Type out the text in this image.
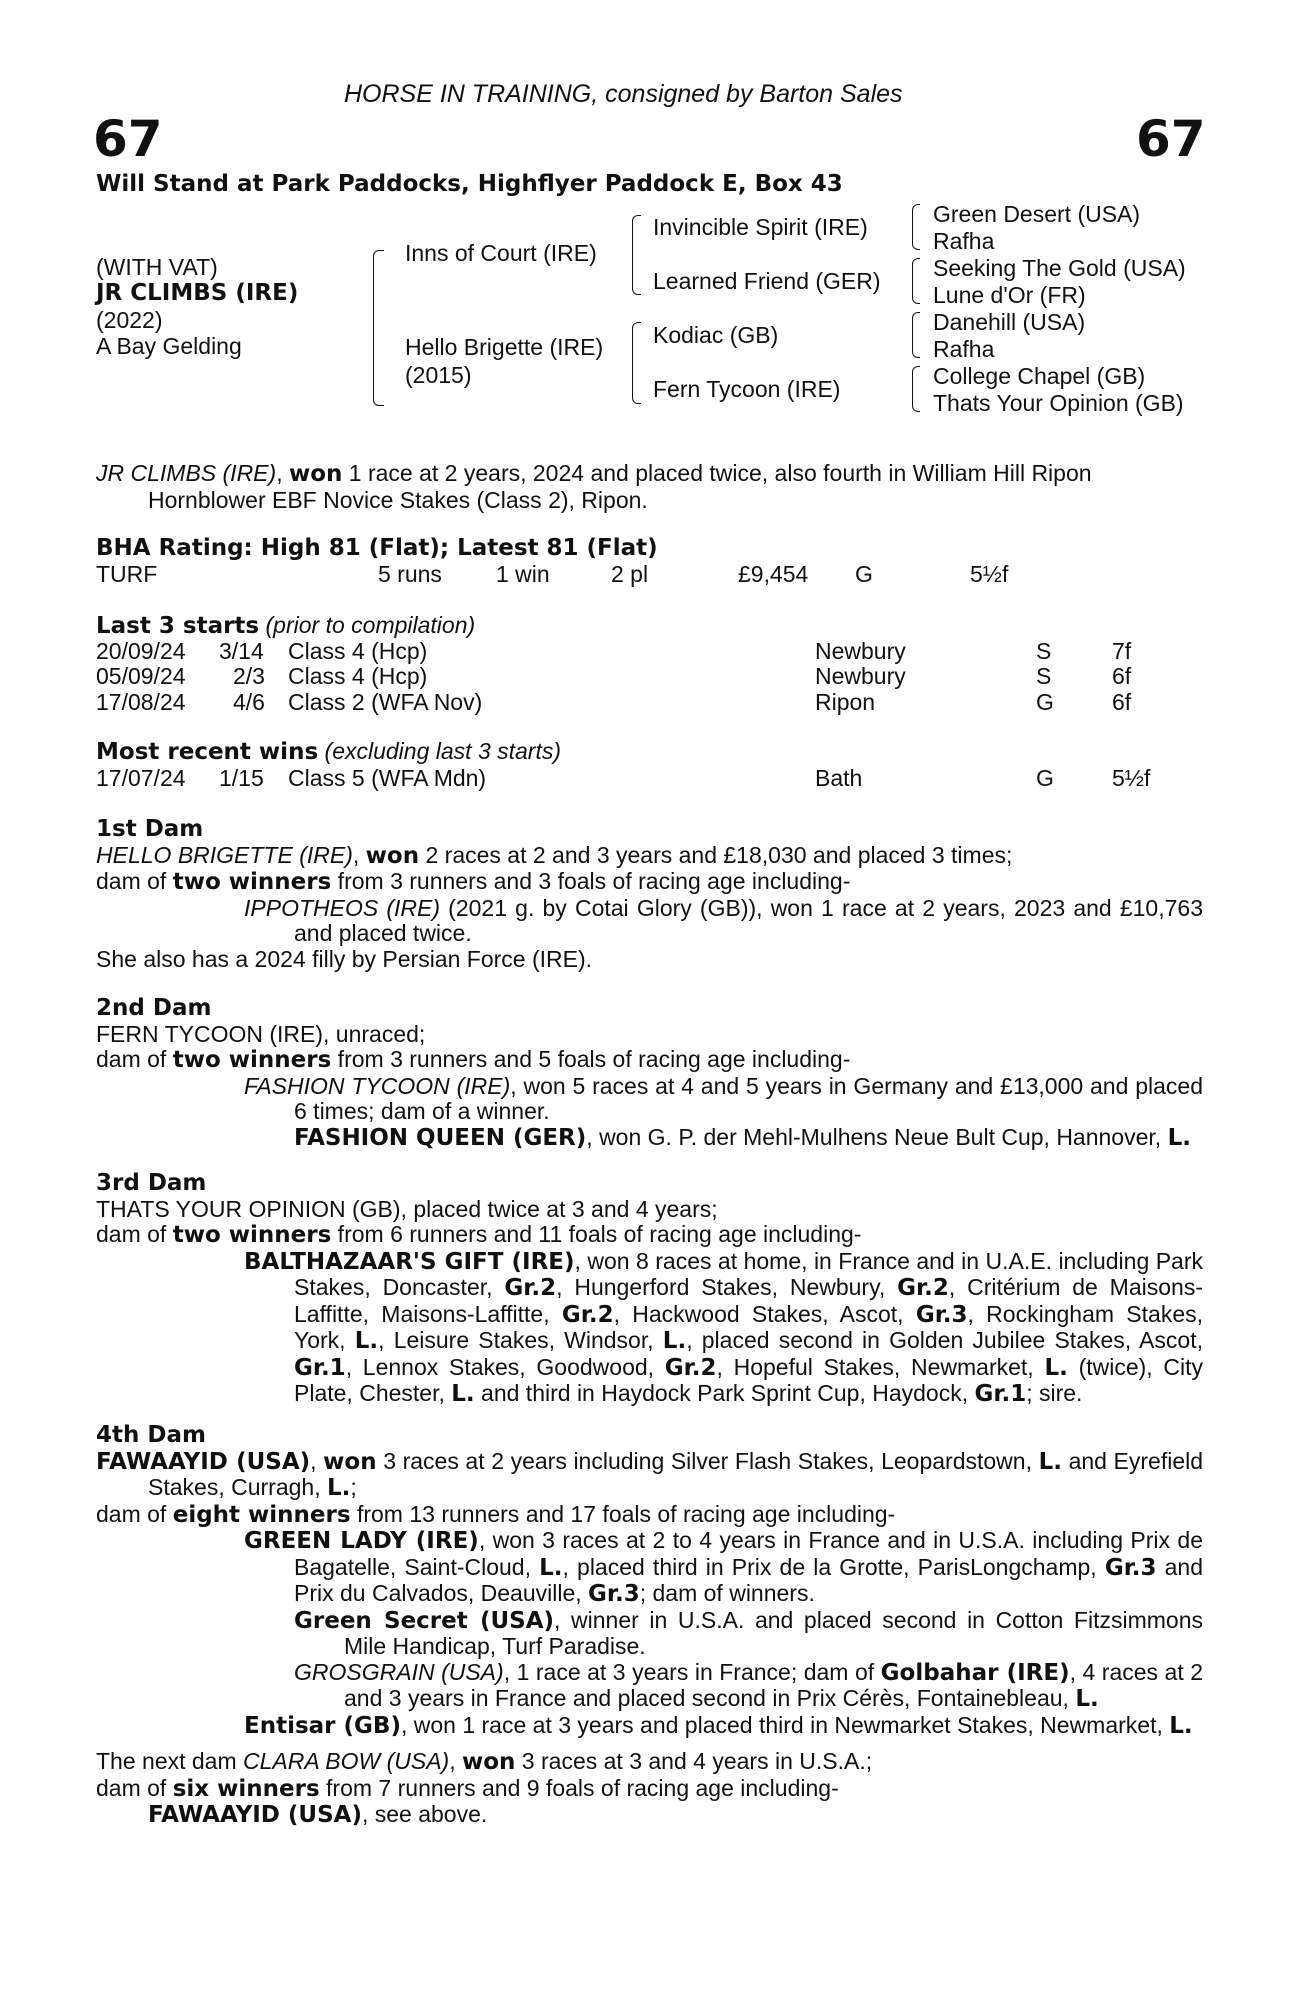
HORSE IN TRAINING, consigned by Barton Sales
67	67
Will Stand at Park Paddocks, Highflyer Paddock E, Box 43
(WITH VAT)
JR CLIMBS (IRE)
(2022)
A Bay Gelding
Inns of Court (IRE)
Hello Brigette (IRE)
(2015)
Invincible Spirit (IRE)
Learned Friend (GER)
Kodiac (GB)
Fern Tycoon (IRE)
Green Desert (USA)
Rafha
Seeking The Gold (USA)
Lune d'Or (FR)
Danehill (USA)
Rafha
College Chapel (GB)
Thats Your Opinion (GB)

JR CLIMBS (IRE), won 1 race at 2 years, 2024 and placed twice, also fourth in William Hill Ripon

Hornblower EBF Novice Stakes (Class 2), Ripon.

BHA Rating: High 81 (Flat); Latest 81 (Flat)
TURF	5 runs 1 win	2 pl	£9,454 G	5½f
Last 3 starts (prior to compilation)
20/09/24 3/14 Class 4 (Hcp)	Newbury	S	7f
05/09/24 2/3 Class 4 (Hcp)	Newbury	S	6f
17/08/24 4/6 Class 2 (WFA Nov)	Ripon	G	6f
Most recent wins (excluding last 3 starts)
17/07/24 1/15 Class 5 (WFA Mdn)	Bath	G	5½f

1st Dam

HELLO BRIGETTE (IRE), won 2 races at 2 and 3 years and £18,030 and placed 3 times;

dam of two winners from 3 runners and 3 foals of racing age including-

IPPOTHEOS (IRE) (2021 g. by Cotai Glory (GB)), won 1 race at 2 years, 2023 and £10,763 and placed twice.

She also has a 2024 filly by Persian Force (IRE).

2nd Dam

FERN TYCOON (IRE), unraced;

dam of two winners from 3 runners and 5 foals of racing age including-

FASHION TYCOON (IRE), won 5 races at 4 and 5 years in Germany and £13,000 and placed 6 times; dam of a winner.

FASHION QUEEN (GER), won G. P. der Mehl-Mulhens Neue Bult Cup, Hannover, L.

3rd Dam

THATS YOUR OPINION (GB), placed twice at 3 and 4 years;

dam of two winners from 6 runners and 11 foals of racing age including-

BALTHAZAAR'S GIFT (IRE), won 8 races at home, in France and in U.A.E. including Park Stakes, Doncaster, Gr.2, Hungerford Stakes, Newbury, Gr.2, Critérium de Maisons-Laffitte, Maisons-Laffitte, Gr.2, Hackwood Stakes, Ascot, Gr.3, Rockingham Stakes, York, L., Leisure Stakes, Windsor, L., placed second in Golden Jubilee Stakes, Ascot, Gr.1, Lennox Stakes, Goodwood, Gr.2, Hopeful Stakes, Newmarket, L. (twice), City Plate, Chester, L. and third in Haydock Park Sprint Cup, Haydock, Gr.1; sire.

4th Dam

FAWAAYID (USA), won 3 races at 2 years including Silver Flash Stakes, Leopardstown, L. and Eyrefield Stakes, Curragh, L.;

dam of eight winners from 13 runners and 17 foals of racing age including-

GREEN LADY (IRE), won 3 races at 2 to 4 years in France and in U.S.A. including Prix de Bagatelle, Saint-Cloud, L., placed third in Prix de la Grotte, ParisLongchamp, Gr.3 and Prix du Calvados, Deauville, Gr.3; dam of winners.

Green Secret (USA), winner in U.S.A. and placed second in Cotton Fitzsimmons Mile Handicap, Turf Paradise.

GROSGRAIN (USA), 1 race at 3 years in France; dam of Golbahar (IRE), 4 races at 2 and 3 years in France and placed second in Prix Cérès, Fontainebleau, L.

Entisar (GB), won 1 race at 3 years and placed third in Newmarket Stakes, Newmarket, L.

The next dam CLARA BOW (USA), won 3 races at 3 and 4 years in U.S.A.;

dam of six winners from 7 runners and 9 foals of racing age including-

FAWAAYID (USA), see above.
